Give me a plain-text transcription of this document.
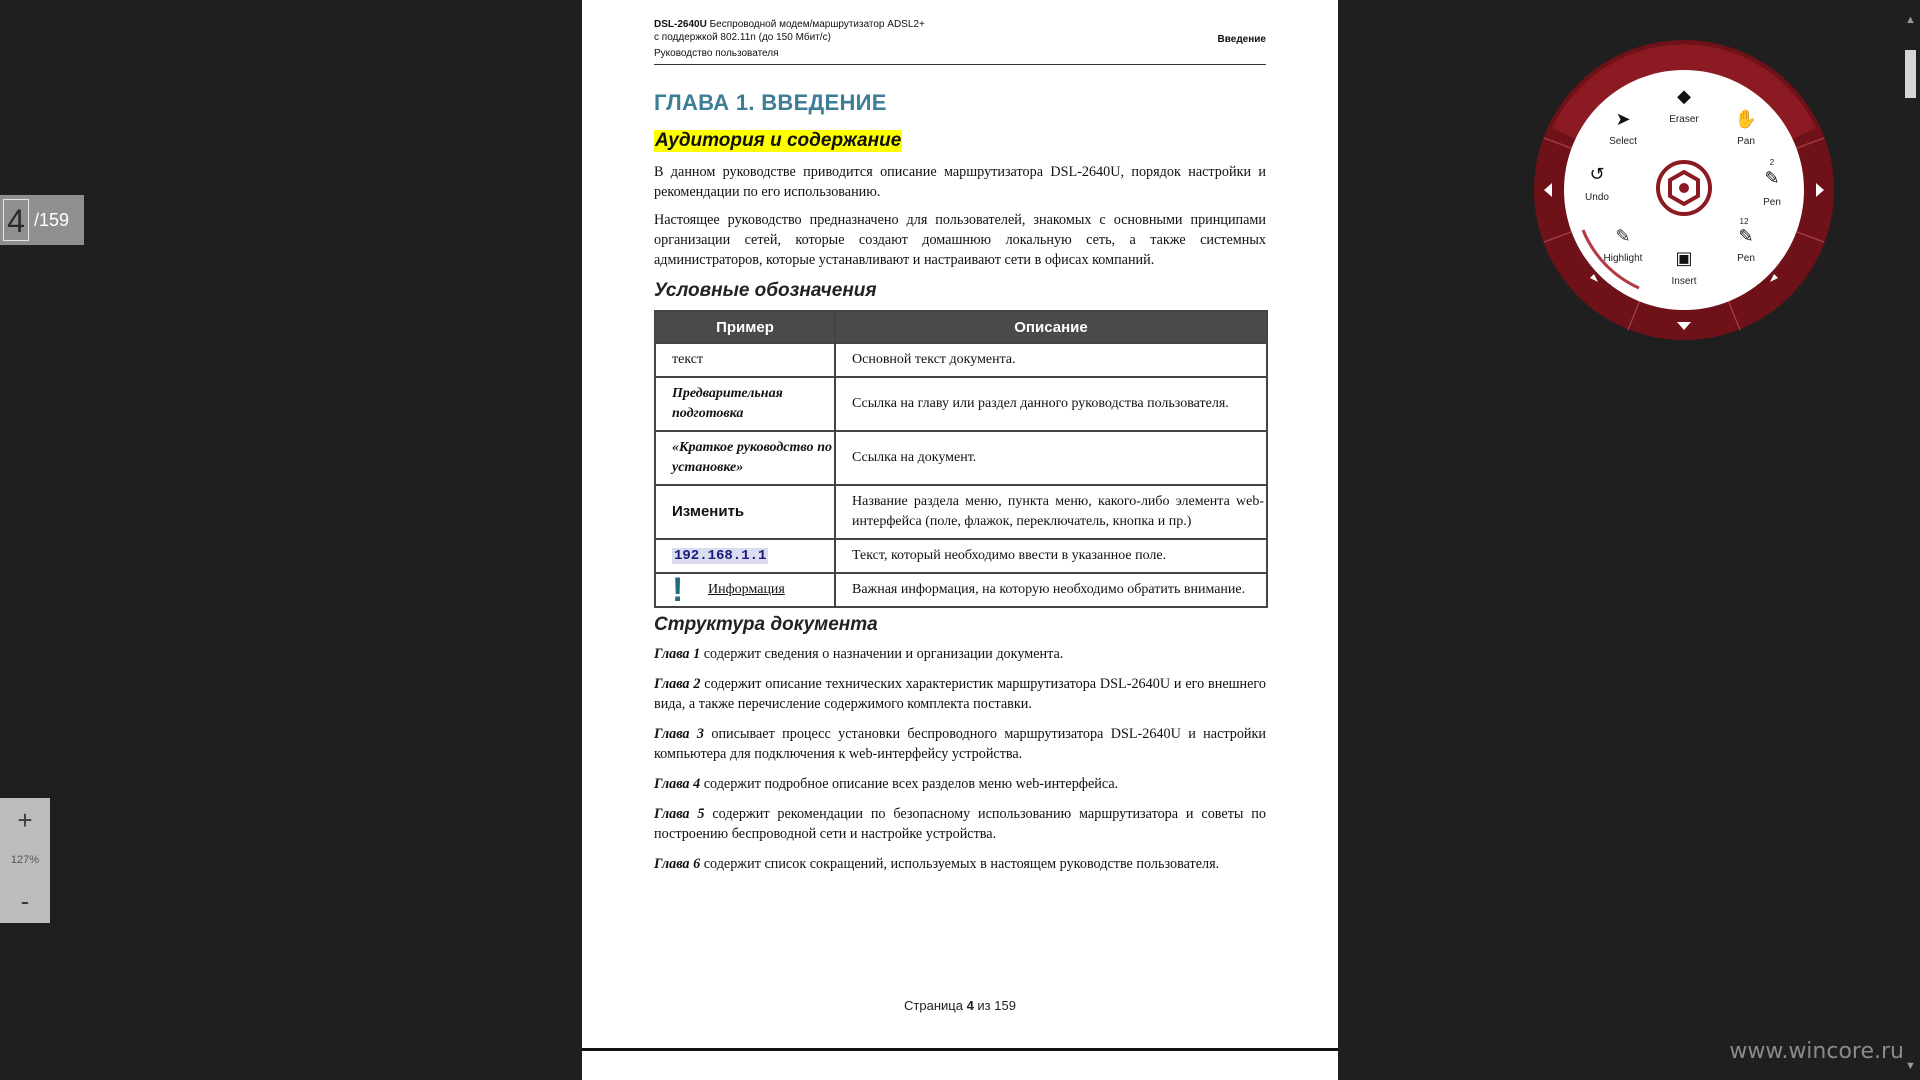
4 /159
+
127%
-
DSL-2640U Беспроводной модем/маршрутизатор ADSL2+
с поддержкой 802.11n (до 150 Мбит/с)
Руководство пользователя
Введение
ГЛАВА 1. ВВЕДЕНИЕ
Аудитория и содержание

В данном руководстве приводится описание маршрутизатора DSL-2640U, порядок настройки и рекомендации по его использованию.

Настоящее руководство предназначено для пользователей, знакомых с основными принципами организации сетей, которые создают домашнюю локальную сеть, а также системных администраторов, которые устанавливают и настраивают сети в офисах компаний.

Условные обозначения
Пример	Описание
текст	Основной текст документа.
Предварительная подготовка	Ссылка на главу или раздел данного руководства пользователя.
«Краткое руководство по установке»	Ссылка на документ.
Изменить	Название раздела меню, пункта меню, какого-либо элемента web-интерфейса (поле, флажок, переключатель, кнопка и пр.)
192.168.1.1	Текст, который необходимо ввести в указанное поле.

! Информация	Важная информация, на которую необходимо обратить внимание.
Структура документа

Глава 1 содержит сведения о назначении и организации документа.

Глава 2 содержит описание технических характеристик маршрутизатора DSL-2640U и его внешнего вида, а также перечисление содержимого комплекта поставки.

Глава 3 описывает процесс установки беспроводного маршрутизатора DSL-2640U и настройки компьютера для подключения к web-интерфейсу устройства.

Глава 4 содержит подробное описание всех разделов меню web-интерфейса.

Глава 5 содержит рекомендации по безопасному использованию маршрутизатора и советы по построению беспроводной сети и настройке устройства.

Глава 6 содержит список сокращений, используемых в настоящем руководстве пользователя.

Страница 4 из 159
◆
Eraser
➤
Select
✋
Pan
↺
Undo
✎
Pen
2
✎
Highlight
✎
Pen
12
▣
Insert
▲
▼
www.wincore.ru
